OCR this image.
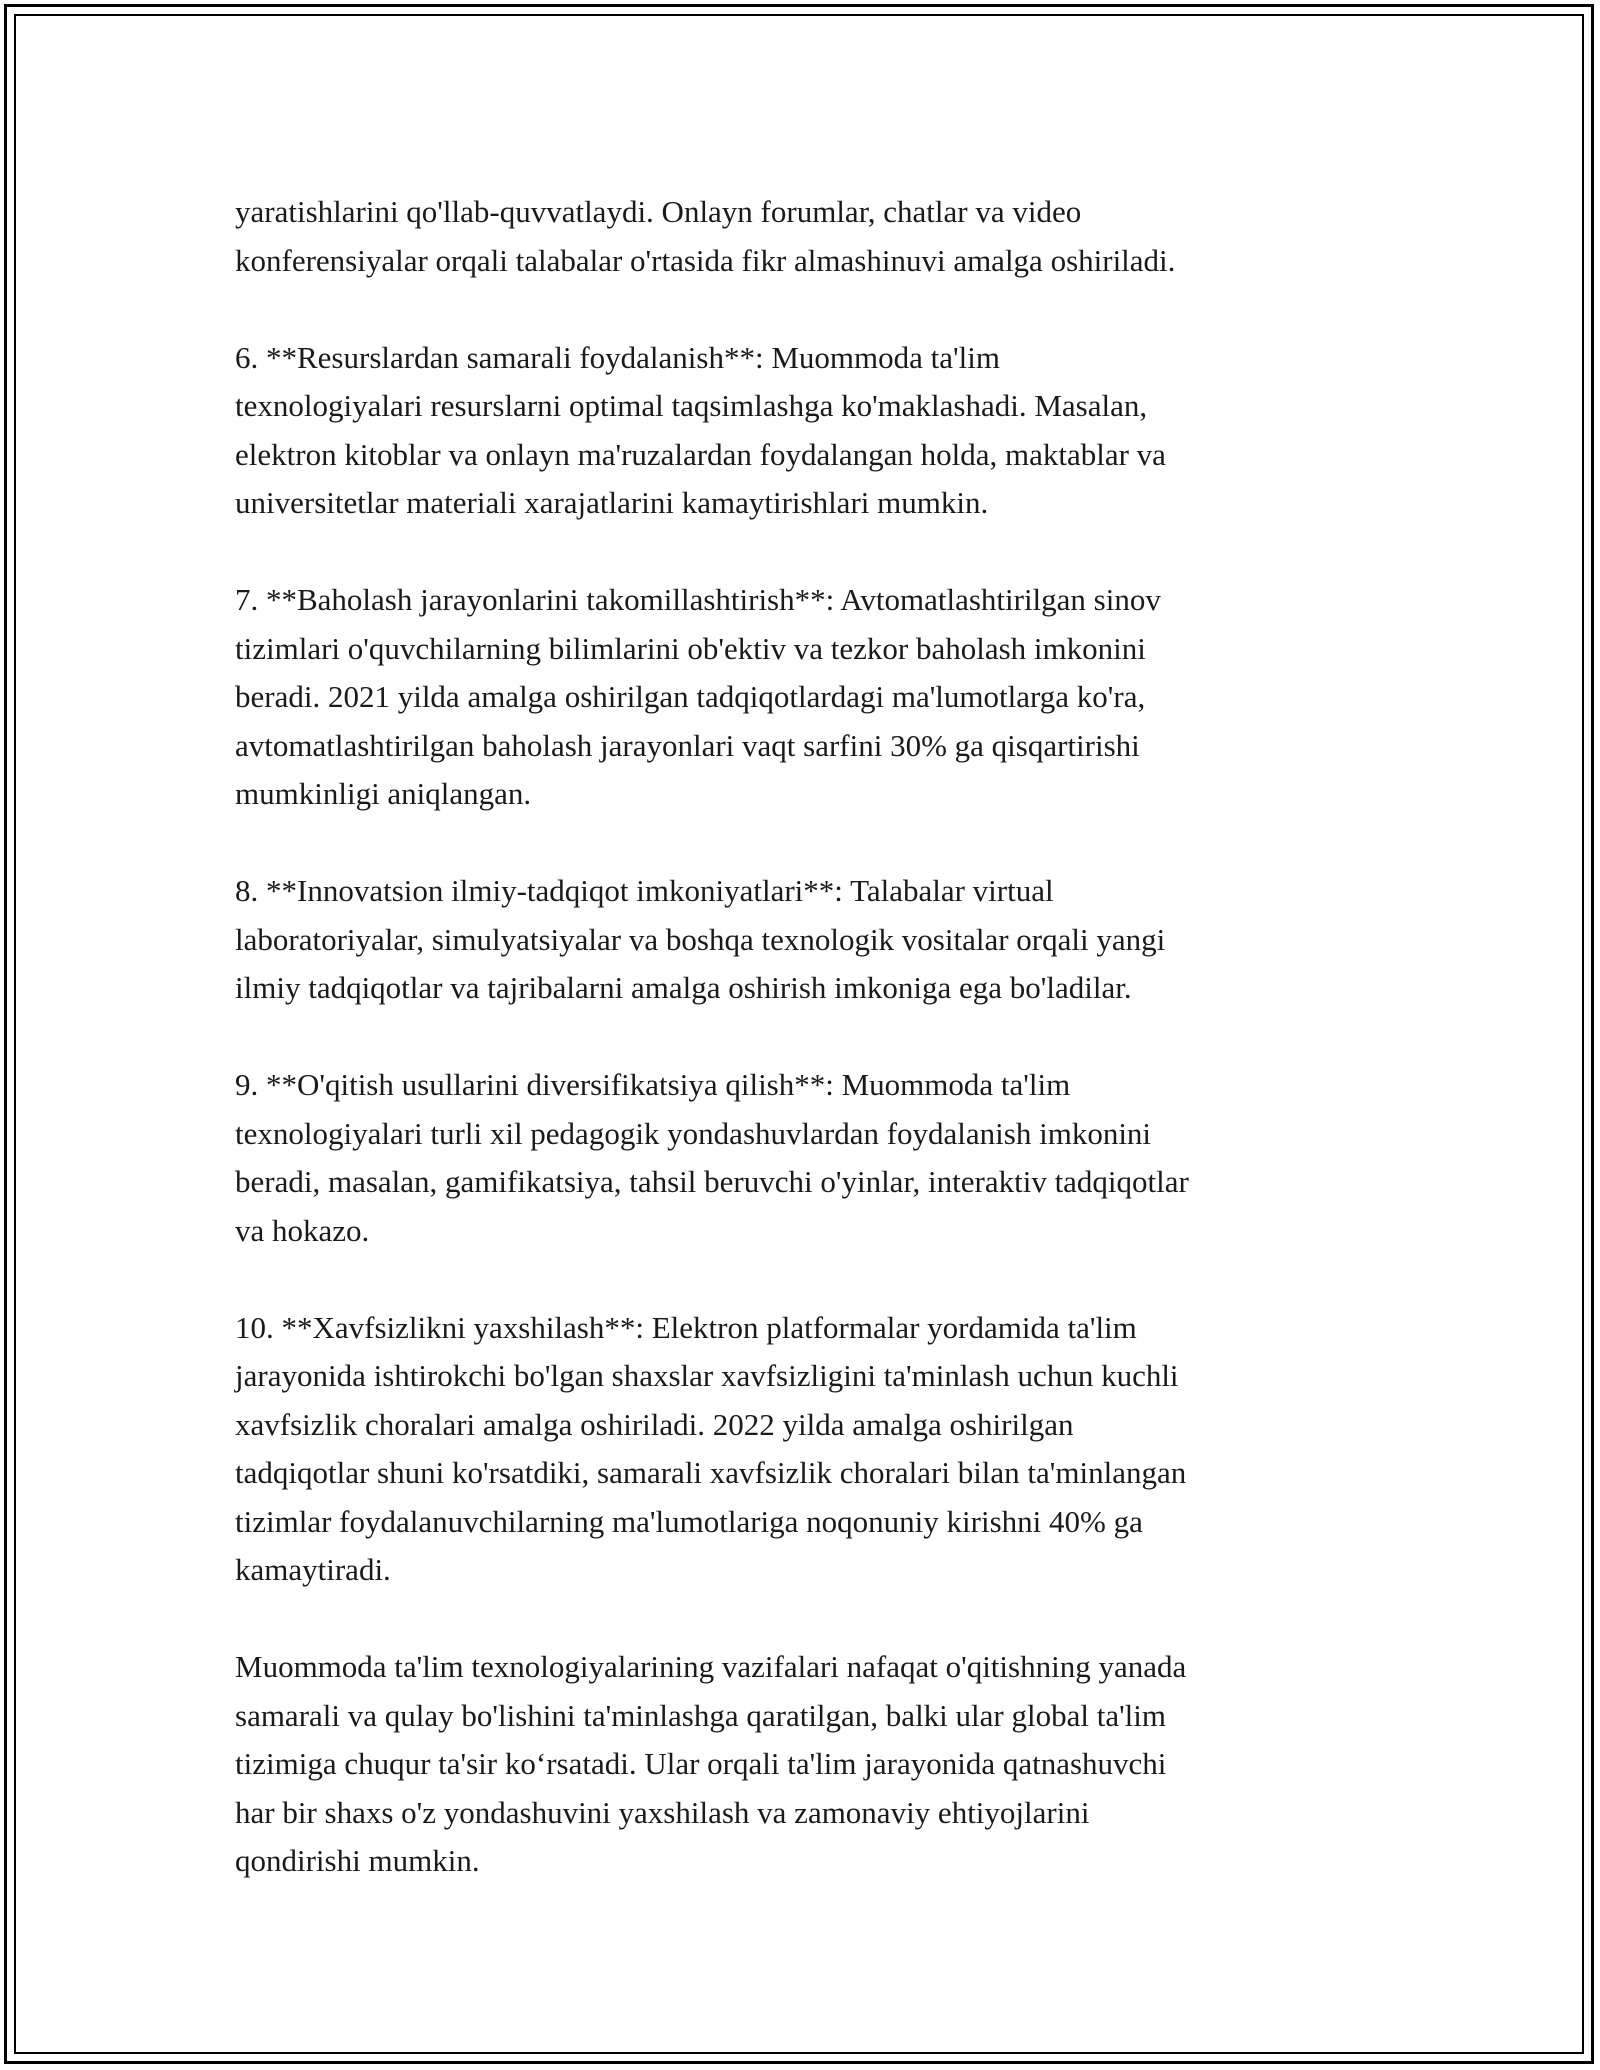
yaratishlarini qo'llab-quvvatlaydi. Onlayn forumlar, chatlar va video
konferensiyalar orqali talabalar o'rtasida fikr almashinuvi amalga oshiriladi.

6. **Resurslardan samarali foydalanish**: Muommoda ta'lim
texnologiyalari resurslarni optimal taqsimlashga ko'maklashadi. Masalan,
elektron kitoblar va onlayn ma'ruzalardan foydalangan holda, maktablar va
universitetlar materiali xarajatlarini kamaytirishlari mumkin.

7. **Baholash jarayonlarini takomillashtirish**: Avtomatlashtirilgan sinov
tizimlari o'quvchilarning bilimlarini ob'ektiv va tezkor baholash imkonini
beradi. 2021 yilda amalga oshirilgan tadqiqotlardagi ma'lumotlarga ko'ra,
avtomatlashtirilgan baholash jarayonlari vaqt sarfini 30% ga qisqartirishi
mumkinligi aniqlangan.

8. **Innovatsion ilmiy-tadqiqot imkoniyatlari**: Talabalar virtual
laboratoriyalar, simulyatsiyalar va boshqa texnologik vositalar orqali yangi
ilmiy tadqiqotlar va tajribalarni amalga oshirish imkoniga ega bo'ladilar.

9. **O'qitish usullarini diversifikatsiya qilish**: Muommoda ta'lim
texnologiyalari turli xil pedagogik yondashuvlardan foydalanish imkonini
beradi, masalan, gamifikatsiya, tahsil beruvchi o'yinlar, interaktiv tadqiqotlar
va hokazo.

10. **Xavfsizlikni yaxshilash**: Elektron platformalar yordamida ta'lim
jarayonida ishtirokchi bo'lgan shaxslar xavfsizligini ta'minlash uchun kuchli
xavfsizlik choralari amalga oshiriladi. 2022 yilda amalga oshirilgan
tadqiqotlar shuni ko'rsatdiki, samarali xavfsizlik choralari bilan ta'minlangan
tizimlar foydalanuvchilarning ma'lumotlariga noqonuniy kirishni 40% ga
kamaytiradi.

Muommoda ta'lim texnologiyalarining vazifalari nafaqat o'qitishning yanada
samarali va qulay bo'lishini ta'minlashga qaratilgan, balki ular global ta'lim
tizimiga chuqur ta'sir ko‘rsatadi. Ular orqali ta'lim jarayonida qatnashuvchi
har bir shaxs o'z yondashuvini yaxshilash va zamonaviy ehtiyojlarini
qondirishi mumkin.
